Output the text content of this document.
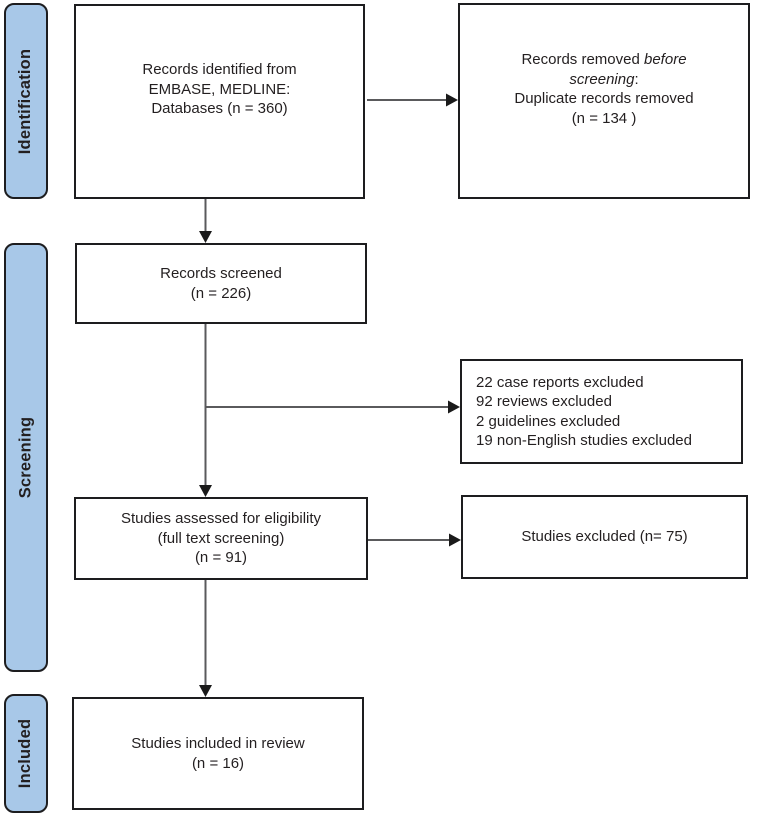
Identification
Screening
Included
Records identified from
EMBASE, MEDLINE:
Databases (n = 360)
Records removed before
screening:
Duplicate records removed
(n = 134 )
Records screened
(n = 226)
22 case reports excluded
92 reviews excluded
2 guidelines excluded
19 non-English studies excluded
Studies assessed for eligibility
(full text screening)
(n = 91)
Studies excluded (n= 75)
Studies included in review
(n = 16)
